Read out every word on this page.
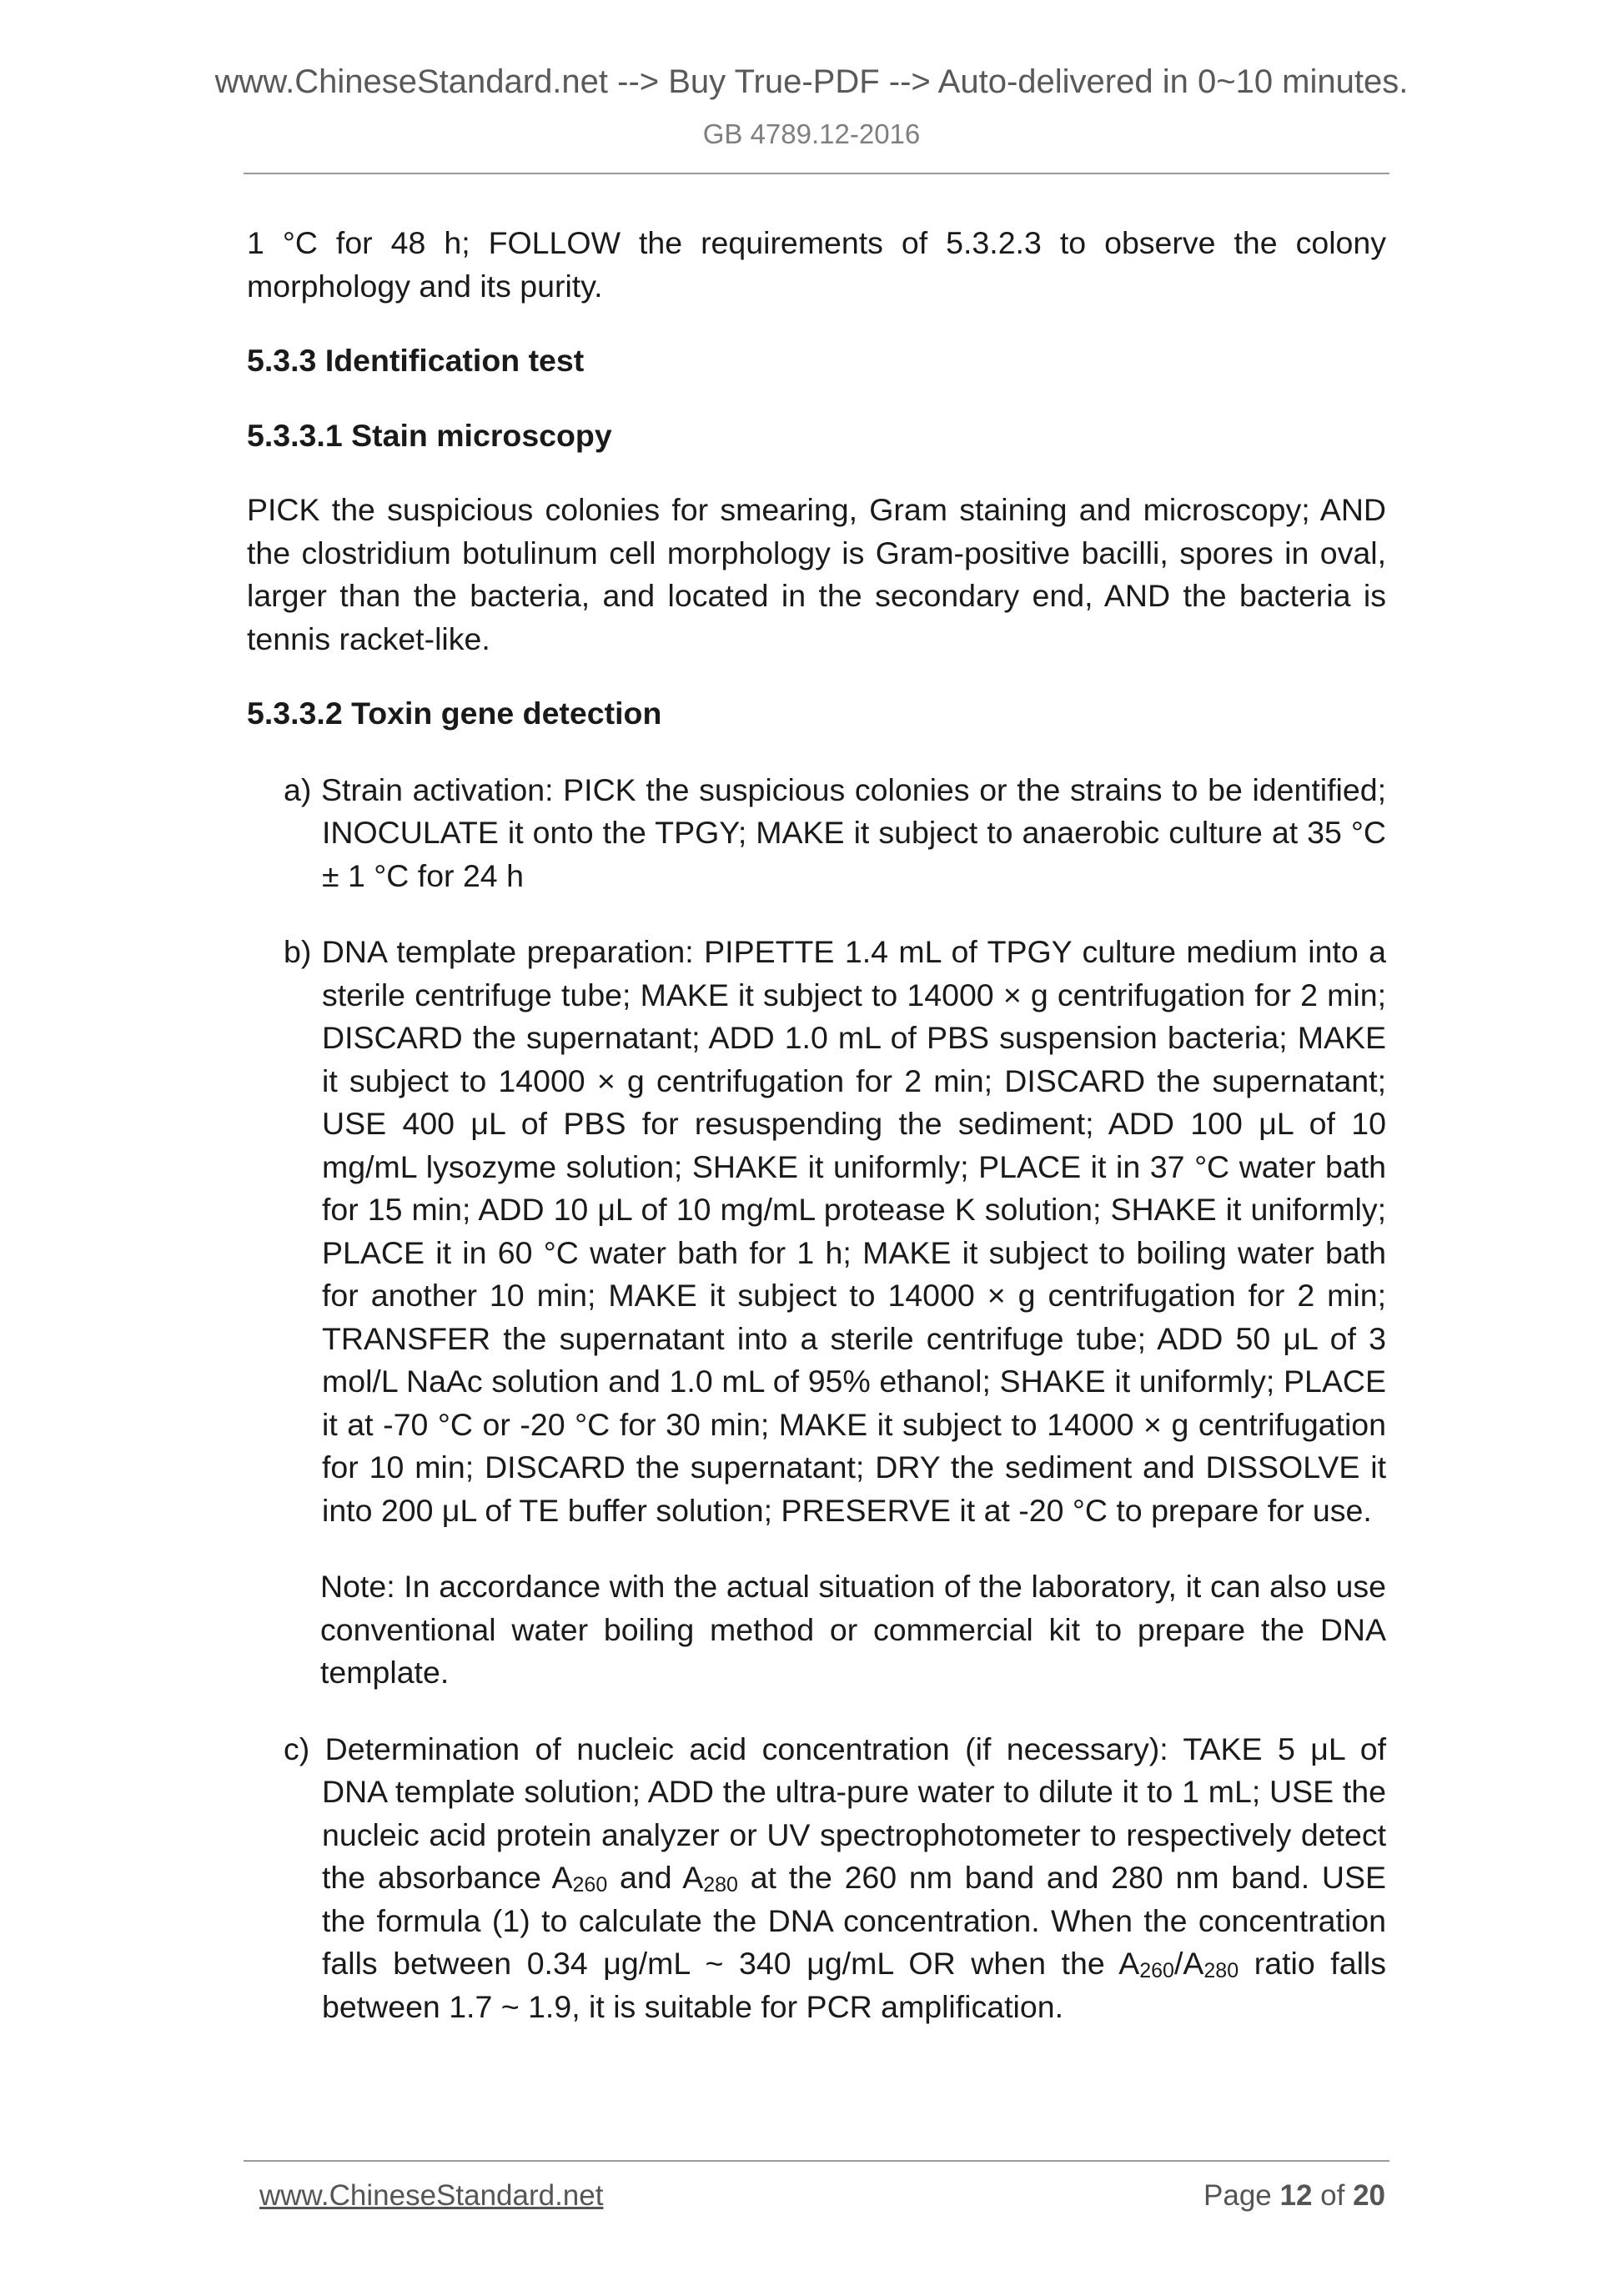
www.ChineseStandard.net --> Buy True-PDF --> Auto-delivered in 0~10 minutes.
GB 4789.12-2016

1 °C for 48 h; FOLLOW the requirements of 5.3.2.3 to observe the colony morphology and its purity.

5.3.3 Identification test

5.3.3.1 Stain microscopy

PICK the suspicious colonies for smearing, Gram staining and microscopy; AND the clostridium botulinum cell morphology is Gram-positive bacilli, spores in oval, larger than the bacteria, and located in the secondary end, AND the bacteria is tennis racket-like.

5.3.3.2 Toxin gene detection

a) Strain activation: PICK the suspicious colonies or the strains to be identified; INOCULATE it onto the TPGY; MAKE it subject to anaerobic culture at 35 °C ± 1 °C for 24 h

b) DNA template preparation: PIPETTE 1.4 mL of TPGY culture medium into a sterile centrifuge tube; MAKE it subject to 14000 × g centrifugation for 2 min; DISCARD the supernatant; ADD 1.0 mL of PBS suspension bacteria; MAKE it subject to 14000 × g centrifugation for 2 min; DISCARD the supernatant; USE 400 μL of PBS for resuspending the sediment; ADD 100 μL of 10 mg/mL lysozyme solution; SHAKE it uniformly; PLACE it in 37 °C water bath for 15 min; ADD 10 μL of 10 mg/mL protease K solution; SHAKE it uniformly; PLACE it in 60 °C water bath for 1 h; MAKE it subject to boiling water bath for another 10 min; MAKE it subject to 14000 × g centrifugation for 2 min; TRANSFER the supernatant into a sterile centrifuge tube; ADD 50 μL of 3 mol/L NaAc solution and 1.0 mL of 95% ethanol; SHAKE it uniformly; PLACE it at -70 °C or -20 °C for 30 min; MAKE it subject to 14000 × g centrifugation for 10 min; DISCARD the supernatant; DRY the sediment and DISSOLVE it into 200 μL of TE buffer solution; PRESERVE it at -20 °C to prepare for use.

Note: In accordance with the actual situation of the laboratory, it can also use conventional water boiling method or commercial kit to prepare the DNA template.

c) Determination of nucleic acid concentration (if necessary): TAKE 5 μL of DNA template solution; ADD the ultra-pure water to dilute it to 1 mL; USE the nucleic acid protein analyzer or UV spectrophotometer to respectively detect the absorbance $A_{260}$ and $A_{280}$ at the 260 nm band and 280 nm band. USE the formula (1) to calculate the DNA concentration. When the concentration falls between 0.34 μg/mL ~ 340 μg/mL OR when the $A_{260}/A_{280}$ ratio falls between 1.7 ~ 1.9, it is suitable for PCR amplification.

www.ChineseStandard.net	Page 12 of 20
